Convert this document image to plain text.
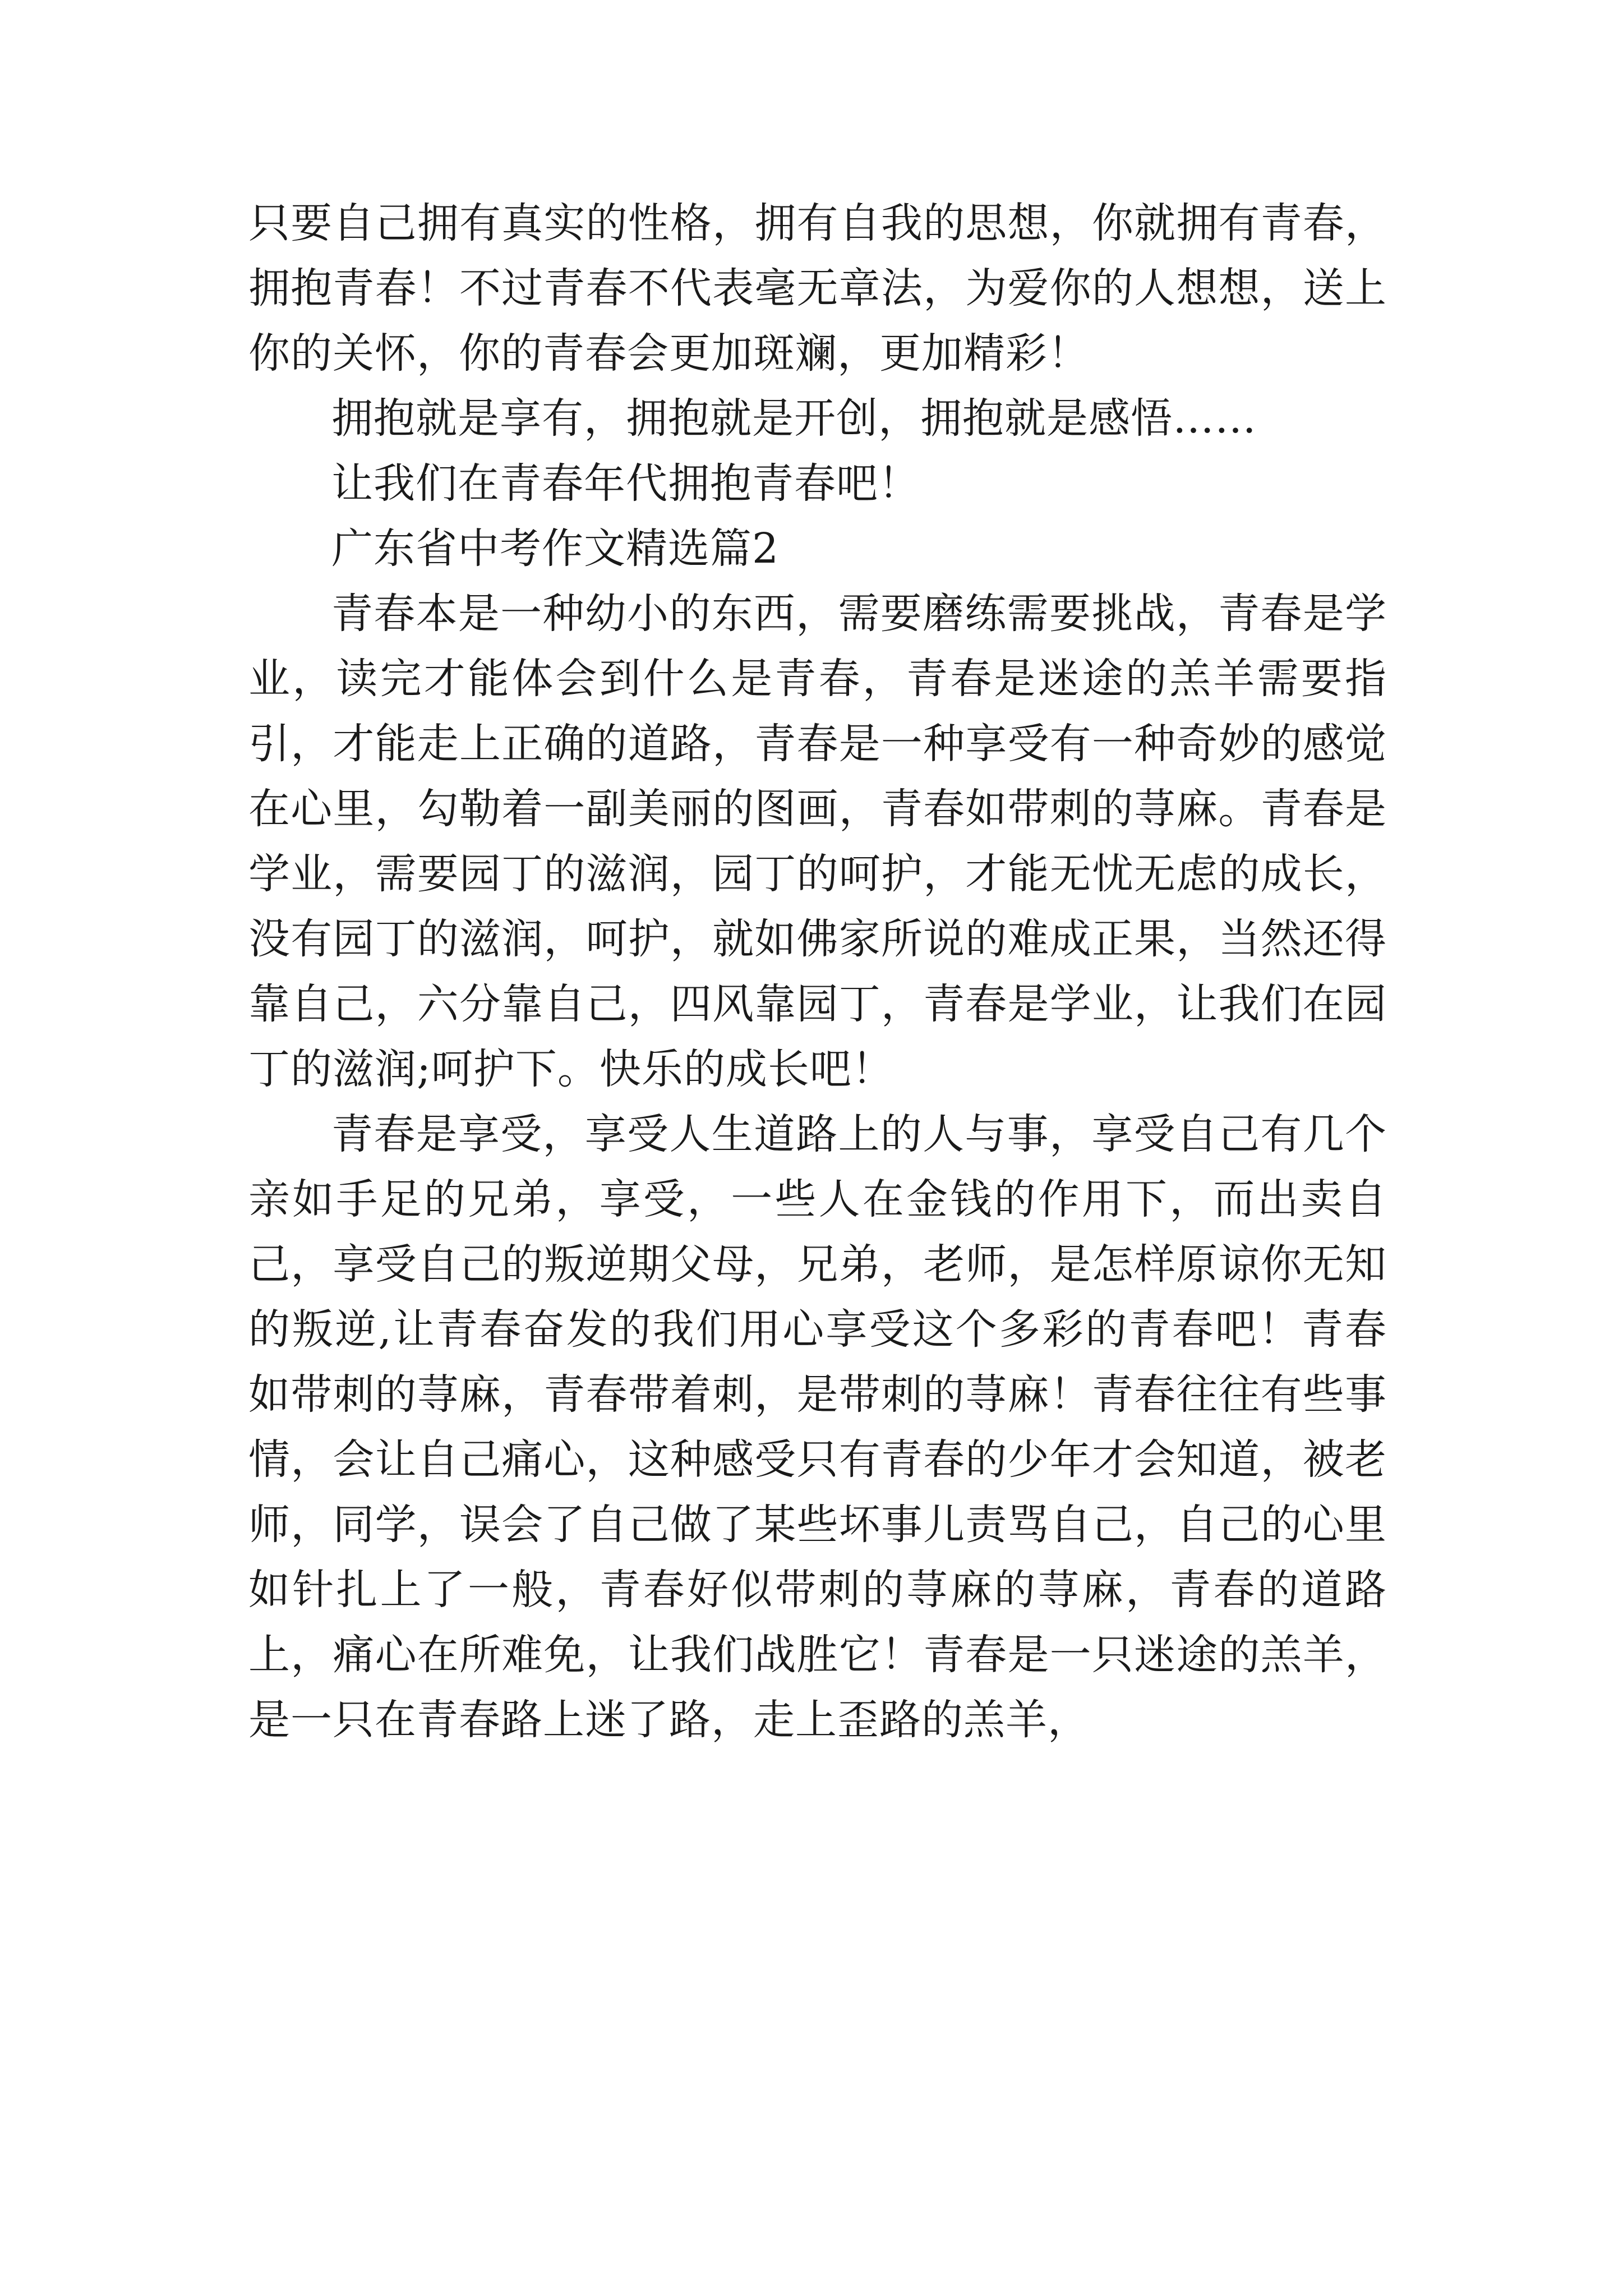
只要自己拥有真实的性格，拥有自我的思想，你就拥有青春，拥抱青春！不过青春不代表毫无章法，为爱你的人想想，送上你的关怀，你的青春会更加斑斓，更加精彩！

拥抱就是享有，拥抱就是开创，拥抱就是感悟……

让我们在青春年代拥抱青春吧！

广东省中考作文精选篇2

青春本是一种幼小的东西，需要磨练需要挑战，青春是学业，读完才能体会到什么是青春，青春是迷途的羔羊需要指引，才能走上正确的道路，青春是一种享受有一种奇妙的感觉在心里，勾勒着一副美丽的图画，青春如带刺的荨麻。青春是学业，需要园丁的滋润，园丁的呵护，才能无忧无虑的成长，没有园丁的滋润，呵护，就如佛家所说的难成正果，当然还得靠自己，六分靠自己，四风靠园丁，青春是学业，让我们在园丁的滋润;呵护下。快乐的成长吧！

青春是享受，享受人生道路上的人与事，享受自己有几个亲如手足的兄弟，享受，一些人在金钱的作用下，而出卖自己，享受自己的叛逆期父母，兄弟，老师，是怎样原谅你无知的叛逆,让青春奋发的我们用心享受这个多彩的青春吧！青春如带刺的荨麻，青春带着刺，是带刺的荨麻！青春往往有些事情，会让自己痛心，这种感受只有青春的少年才会知道，被老师，同学，误会了自己做了某些坏事儿责骂自己，自己的心里如针扎上了一般，青春好似带刺的荨麻的荨麻，青春的道路上，痛心在所难免，让我们战胜它！青春是一只迷途的羔羊，是一只在青春路上迷了路，走上歪路的羔羊，
